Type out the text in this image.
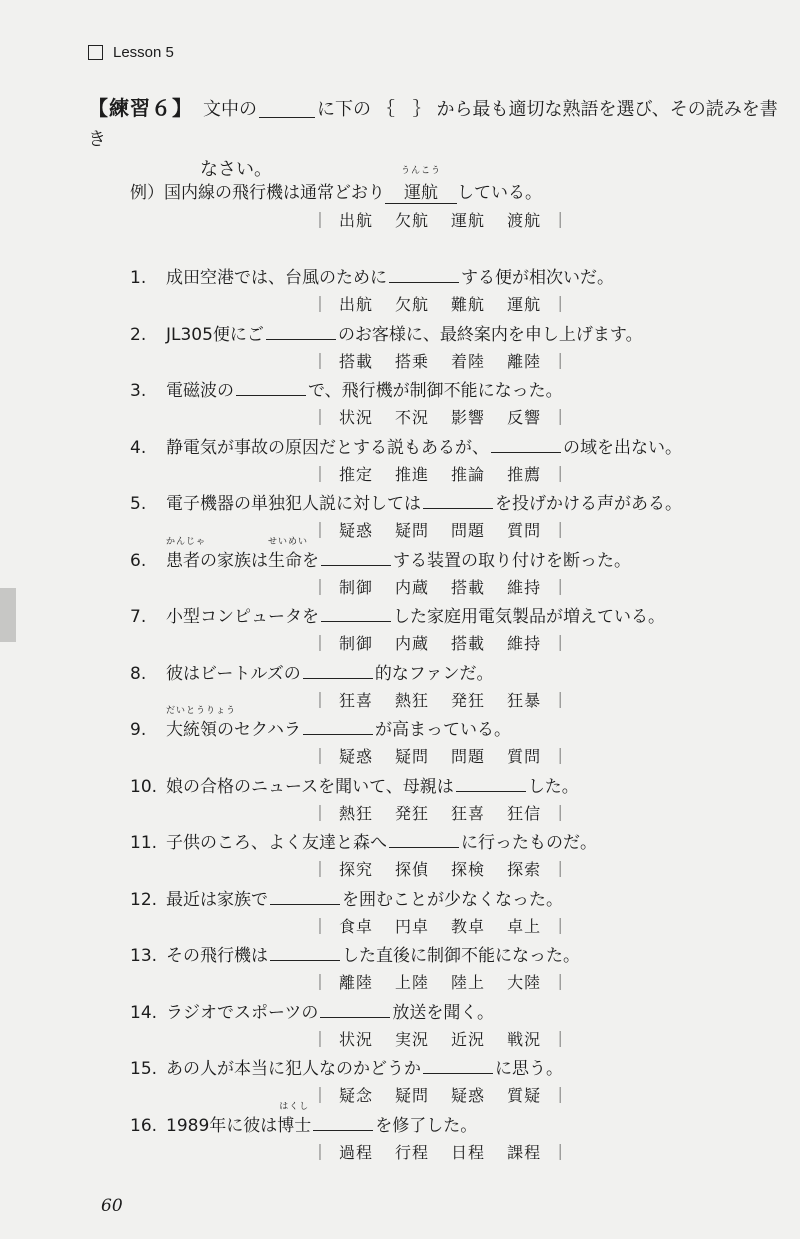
Lesson 5
【練習６】 文中の	に下の ｛　 ｝ から最も適切な熟語を選び、その読みを書き
なさい。
例）国内線の飛行機は通常どおり
うんこう
運航 している。
｜ 出航 欠航 運航 渡航 ｜
1.	成田空港では、台風のために	する便が相次いだ。
｜ 出航 欠航 難航 運航 ｜
2.	JL305便にご	のお客様に、最終案内を申し上げます。
｜ 搭載 搭乗 着陸 離陸 ｜
3.	電磁波の	で、飛行機が制御不能になった。
｜ 状況 不況 影響 反響 ｜
4.	静電気が事故の原因だとする説もあるが、	の域を出ない。
｜ 推定 推進 推論 推薦 ｜
5.	電子機器の単独犯人説に対しては	を投げかける声がある。
｜ 疑惑 疑問 問題 質問 ｜
6.
かんじゃ
患者 の家族は
せいめい
生命 を	する装置の取り付けを断った。
｜ 制御 内蔵 搭載 維持 ｜
7.	小型コンピュータを	した家庭用電気製品が増えている。
｜ 制御 内蔵 搭載 維持 ｜
8.	彼はビートルズの	的なファンだ。
｜ 狂喜 熱狂 発狂 狂暴 ｜
9.
だいとうりょう
大統領 のセクハラ	が高まっている。
｜ 疑惑 疑問 問題 質問 ｜
10. 娘の合格のニュースを聞いて、母親は	した。
｜ 熱狂 発狂 狂喜 狂信 ｜
11. 子供のころ、よく友達と森へ	に行ったものだ。
｜ 探究 探偵 探検 探索 ｜
12. 最近は家族で	を囲むことが少なくなった。
｜ 食卓 円卓 教卓 卓上 ｜
13. その飛行機は	した直後に制御不能になった。
｜ 離陸 上陸 陸上 大陸 ｜
14. ラジオでスポーツの	放送を聞く。
｜ 状況 実況 近況 戦況 ｜
15. あの人が本当に犯人なのかどうか	に思う。
｜ 疑念 疑問 疑惑 質疑 ｜
16. 1989年に彼は
はくし
博士	を修了した。
｜ 過程 行程 日程 課程 ｜
60
